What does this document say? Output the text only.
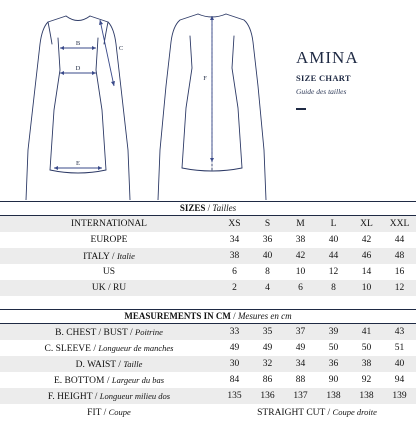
B
D
E
C
F
AMINA
SIZE CHART
Guide des tailles
SIZES / Tailles
INTERNATIONAL	XS	S	M	L	XL	XXL
EUROPE	34	36	38	40	42	44
ITALY / Italie	38	40	42	44	46	48
US	6	8	10	12	14	16
UK / RU	2	4	6	8	10	12
MEASUREMENTS IN CM / Mesures en cm
B. CHEST / BUST / Poitrine	33	35	37	39	41	43
C. SLEEVE / Longueur de manches	49	49	49	50	50	51
D. WAIST / Taille	30	32	34	36	38	40
E. BOTTOM / Largeur du bas	84	86	88	90	92	94
F. HEIGHT / Longueur milieu dos	135	136	137	138	138	139
FIT / Coupe	STRAIGHT CUT / Coupe droite
